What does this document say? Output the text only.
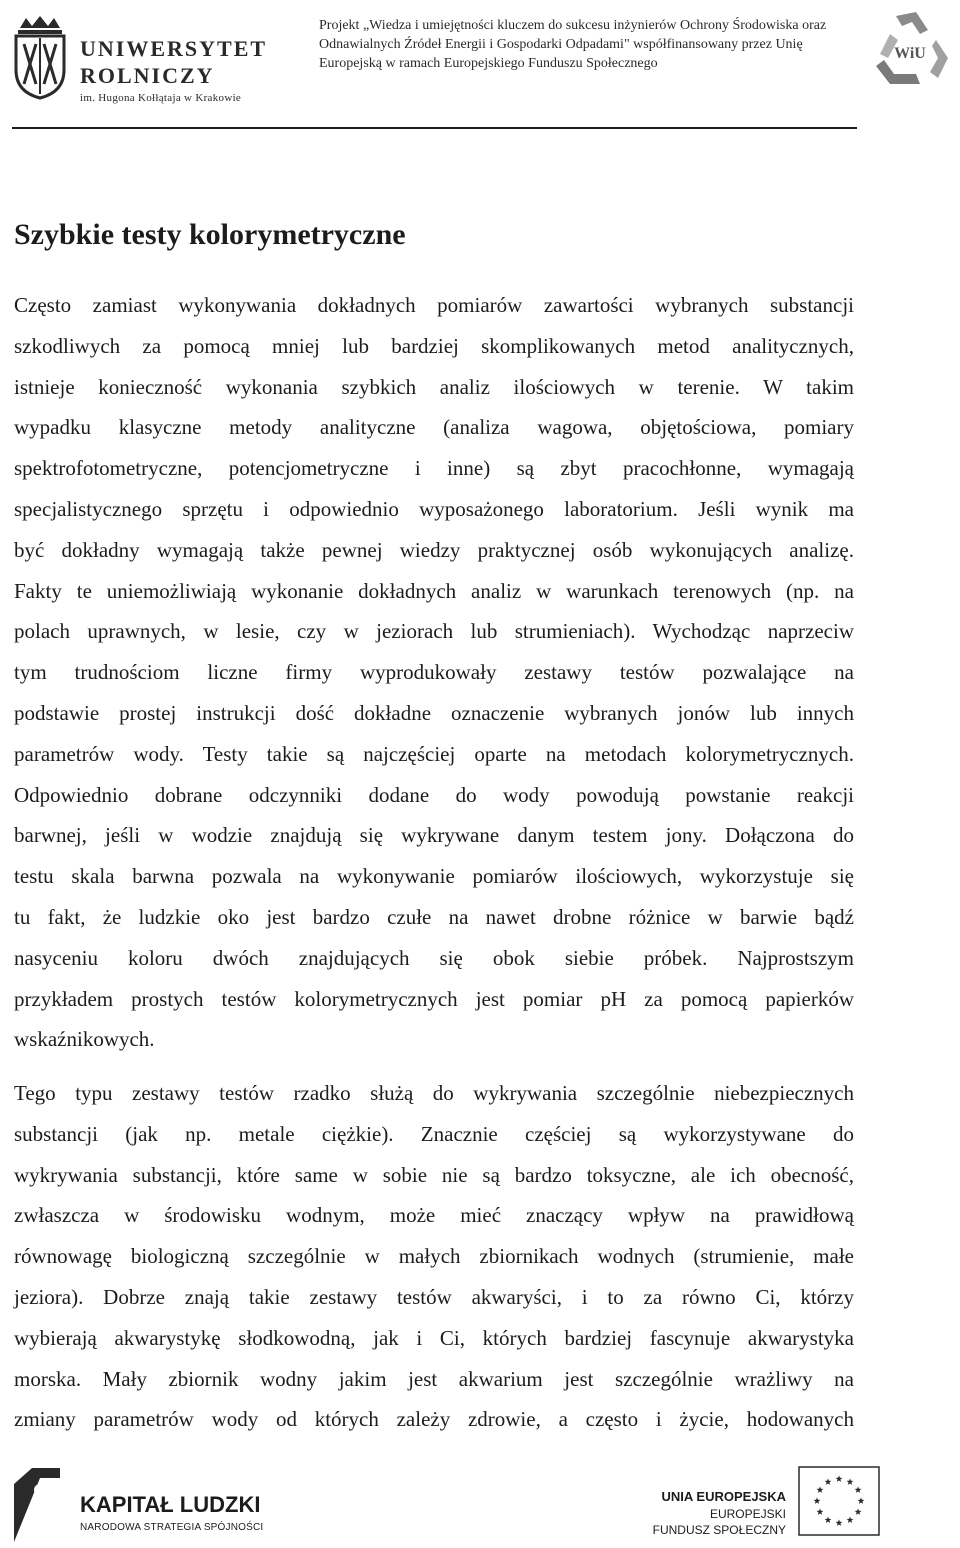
UNIWERSYTET
ROLNICZY
im. Hugona Kołłątaja w Krakowie
Projekt „Wiedza i umiejętności kluczem do sukcesu inżynierów Ochrony Środowiska oraz
Odnawialnych Źródeł Energii i Gospodarki Odpadami" współfinansowany przez Unię
Europejską w ramach Europejskiego Funduszu Społecznego
WiU
Szybkie testy kolorymetryczne
Często zamiast wykonywania dokładnych pomiarów zawartości wybranych substancji
szkodliwych za pomocą mniej lub bardziej skomplikowanych metod analitycznych,
istnieje konieczność wykonania szybkich analiz ilościowych w terenie. W takim
wypadku klasyczne metody analityczne (analiza wagowa, objętościowa, pomiary
spektrofotometryczne, potencjometryczne i inne) są zbyt pracochłonne, wymagają
specjalistycznego sprzętu i odpowiednio wyposażonego laboratorium. Jeśli wynik ma
być dokładny wymagają także pewnej wiedzy praktycznej osób wykonujących analizę.
Fakty te uniemożliwiają wykonanie dokładnych analiz w warunkach terenowych (np. na
polach uprawnych, w lesie, czy w jeziorach lub strumieniach). Wychodząc naprzeciw
tym trudnościom liczne firmy wyprodukowały zestawy testów pozwalające na
podstawie prostej instrukcji dość dokładne oznaczenie wybranych jonów lub innych
parametrów wody. Testy takie są najczęściej oparte na metodach kolorymetrycznych.
Odpowiednio dobrane odczynniki dodane do wody powodują powstanie reakcji
barwnej, jeśli w wodzie znajdują się wykrywane danym testem jony. Dołączona do
testu skala barwna pozwala na wykonywanie pomiarów ilościowych, wykorzystuje się
tu fakt, że ludzkie oko jest bardzo czułe na nawet drobne różnice w barwie bądź
nasyceniu koloru dwóch znajdujących się obok siebie próbek. Najprostszym
przykładem prostych testów kolorymetrycznych jest pomiar pH za pomocą papierków
wskaźnikowych.
Tego typu zestawy testów rzadko służą do wykrywania szczególnie niebezpiecznych
substancji (jak np. metale ciężkie). Znacznie częściej są wykorzystywane do
wykrywania substancji, które same w sobie nie są bardzo toksyczne, ale ich obecność,
zwłaszcza w środowisku wodnym, może mieć znaczący wpływ na prawidłową
równowagę biologiczną szczególnie w małych zbiornikach wodnych (strumienie, małe
jeziora). Dobrze znają takie zestawy testów akwaryści, i to za równo Ci, którzy
wybierają akwarystykę słodkowodną, jak i Ci, których bardziej fascynuje akwarystyka
morska. Mały zbiornik wodny jakim jest akwarium jest szczególnie wrażliwy na
zmiany parametrów wody od których zależy zdrowie, a często i życie, hodowanych
KAPITAŁ LUDZKI
NARODOWA STRATEGIA SPÓJNOŚCI
UNIA EUROPEJSKA
EUROPEJSKI
FUNDUSZ SPOŁECZNY
